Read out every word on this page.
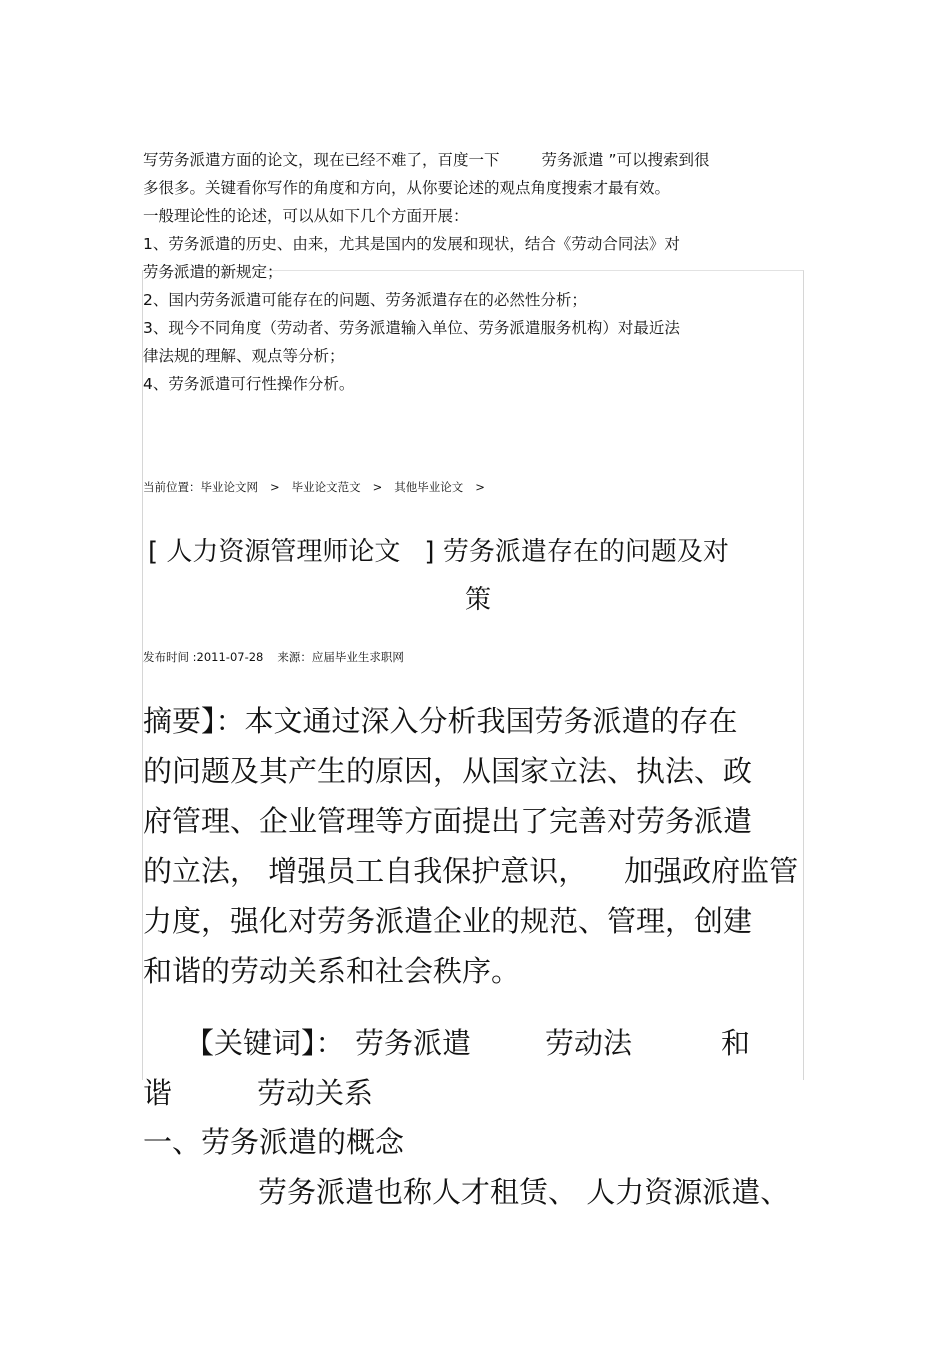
写劳务派遣方面的论文，现在已经不难了，百度一下	劳务派遣 ”可以搜索到很
多很多。关键看你写作的角度和方向，从你要论述的观点角度搜索才最有效。
一般理论性的论述，可以从如下几个方面开展：
1、劳务派遣的历史、由来，尤其是国内的发展和现状，结合《劳动合同法》对
劳务派遣的新规定；
2、国内劳务派遣可能存在的问题、劳务派遣存在的必然性分析；
3、现今不同角度（劳动者、劳务派遣输入单位、劳务派遣服务机构）对最近法
律法规的理解、观点等分析；
4、劳务派遣可行性操作分析。
当前位置：毕业论文网 > 毕业论文范文 > 其他毕业论文 >
[ 人力资源管理师论文 ] 劳务派遣存在的问题及对
策
发布时间 :2011-07-28 来源：应届毕业生求职网
摘要】：本文通过深入分析我国劳务派遣的存在
的问题及其产生的原因，从国家立法、执法、政
府管理、企业管理等方面提出了完善对劳务派遣
的立法， 增强员工自我保护意识，    加强政府监管
力度，强化对劳务派遣企业的规范、管理，创建
和谐的劳动关系和社会秩序。
【关键词】： 劳务派遣	劳动法	和
谐	劳动关系
一、劳务派遣的概念
劳务派遣也称人才租赁、 人力资源派遣、
